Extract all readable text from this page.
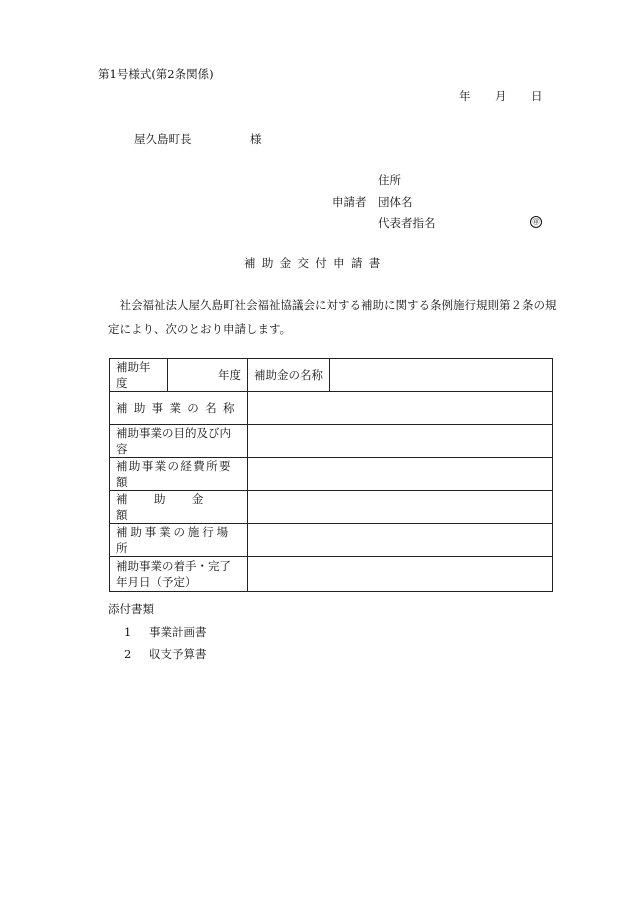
第1号様式(第2条関係)
年 月 日
屋久島町長	様
住所
申請者 団体名
代表者指名	㊞
補助金交付申請書
社会福祉法人屋久島町社会福祉協議会に対する補助に関する条例施行規則第２条の規
定により、次のとおり申請します。
補助年度	年度	補助金の名称	
補助事業の名称			
補助事業の目的及び内容			
補助事業の経費所要額			
補助金額			
補助事業の施行場所			
補助事業の着手・完了年月日（予定）			
添付書類
1 事業計画書
2 収支予算書
